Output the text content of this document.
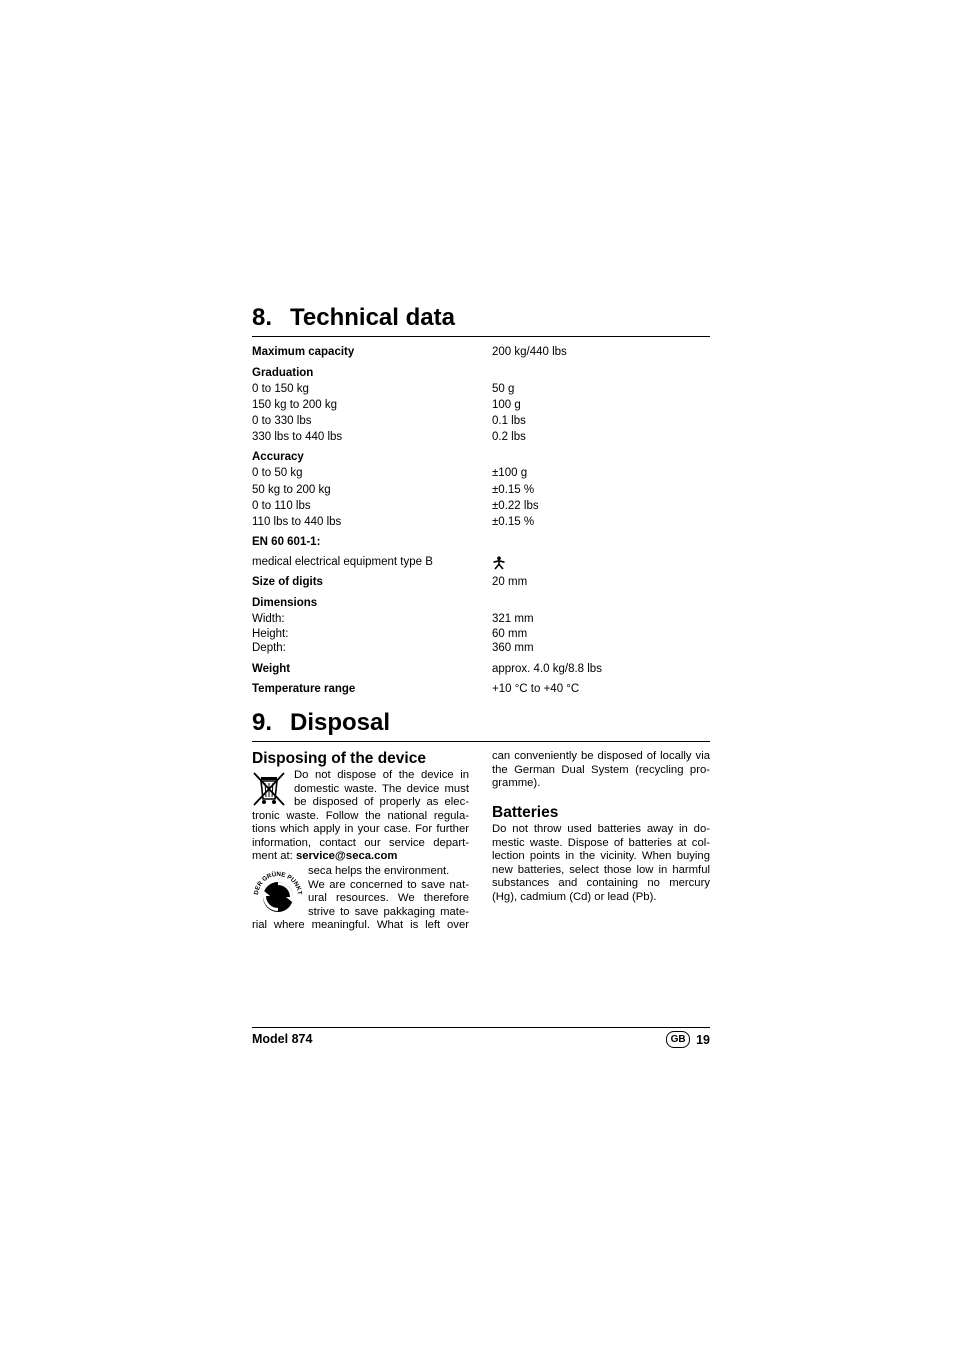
8. Technical data
Maximum capacity	200 kg/440 lbs
Graduation
0 to 150 kg	50 g
150 kg to 200 kg	100 g
0 to 330 lbs	0.1 lbs
330 lbs to 440 lbs	0.2 lbs
Accuracy
0 to 50 kg	±100 g
50 kg to 200 kg	±0.15 %
0 to 110 lbs	±0.22 lbs
110 lbs to 440 lbs	±0.15 %
EN 60 601-1:
medical electrical equipment type B
Size of digits	20 mm
Dimensions
Width:	321 mm
Height:	60 mm
Depth:	360 mm
Weight	approx. 4.0 kg/8.8 lbs
Temperature range	+10 °C to +40 °C
9. Disposal
Disposing of the device
Do not dispose of the device in
domestic waste. The device must
be disposed of properly as elec-
tronic waste. Follow the national regula-
tions which apply in your case. For further
information, contact our service depart-
ment at: service@seca.com
DER GRÜNE PUNKT
seca helps the environment.
We are concerned to save nat-
ural resources. We therefore
strive to save pakkaging mate-
rial where meaningful. What is left over
can conveniently be disposed of locally via
the German Dual System (recycling pro-
gramme).
Batteries
Do not throw used batteries away in do-
mestic waste. Dispose of batteries at col-
lection points in the vicinity. When buying
new batteries, select those low in harmful
substances and containing no mercury
(Hg), cadmium (Cd) or lead (Pb).
Model 874	GB 19
